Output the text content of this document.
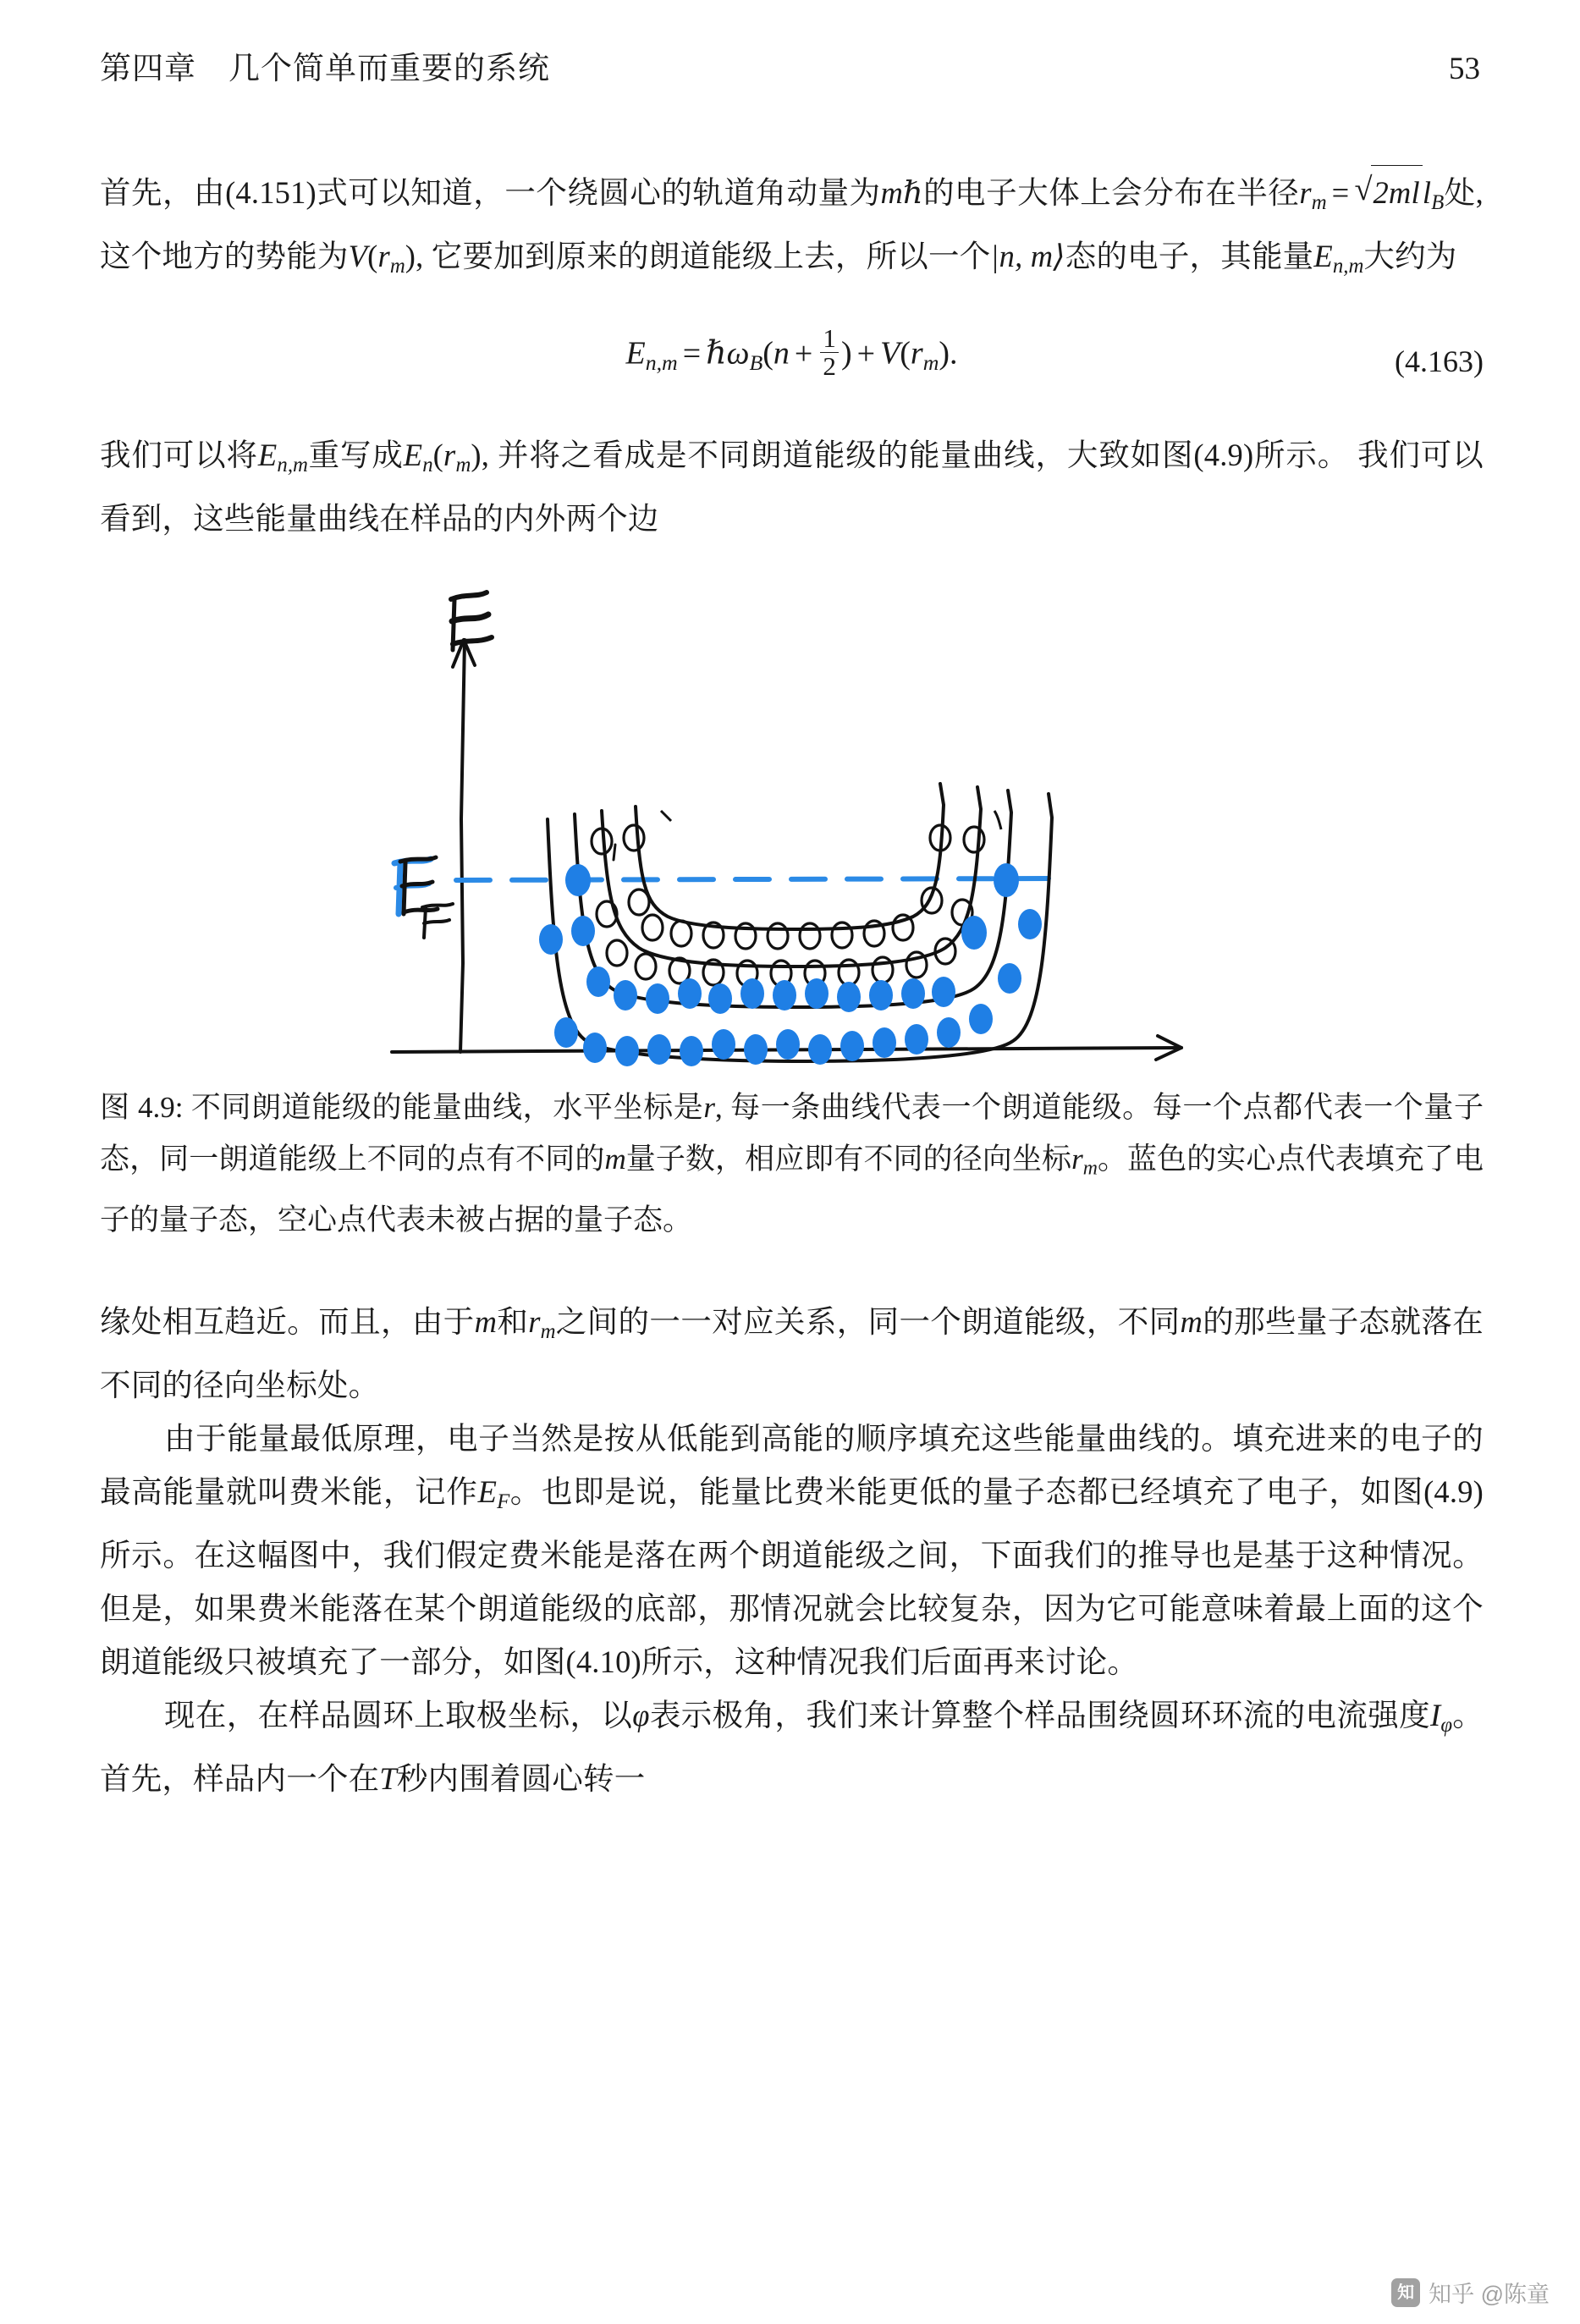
第四章　几个简单而重要的系统	53

首先，由(4.151)式可以知道，一个绕圆心的轨道角动量为mℏ的电子大体上会分布在半径$r_m$ = √ 2mll$_B$处, 这个地方的势能为$V(r_m)$, 它要加到原来的朗道能级上去，所以一个|n, m⟩态的电子，其能量$E_{n,m}$大约为

$E_{n,m}$ = ℏω$_B$(n + $\frac{1}{2}$ ) + $V(r_m)$.	(4.163)

我们可以将$E_{n,m}$重写成$E_n(r_m)$, 并将之看成是不同朗道能级的能量曲线，大致如图(4.9)所示。 我们可以看到，这些能量曲线在样品的内外两个边

图 4.9: 不同朗道能级的能量曲线，水平坐标是r, 每一条曲线代表一个朗道能级。每一个点都代表一个量子态，同一朗道能级上不同的点有不同的m量子数，相应即有不同的径向坐标$r_m$。蓝色的实心点代表填充了电子的量子态，空心点代表未被占据的量子态。

缘处相互趋近。而且，由于m和$r_m$之间的一一对应关系，同一个朗道能级，不同m的那些量子态就落在不同的径向坐标处。

由于能量最低原理，电子当然是按从低能到高能的顺序填充这些能量曲线的。填充进来的电子的最高能量就叫费米能，记作$E_F$。也即是说，能量比费米能更低的量子态都已经填充了电子，如图(4.9)所示。在这幅图中，我们假定费米能是落在两个朗道能级之间，下面我们的推导也是基于这种情况。但是，如果费米能落在某个朗道能级的底部，那情况就会比较复杂，因为它可能意味着最上面的这个朗道能级只被填充了一部分，如图(4.10)所示，这种情况我们后面再来讨论。

现在，在样品圆环上取极坐标，以φ表示极角，我们来计算整个样品围绕圆环环流的电流强度$I_\varphi$。首先，样品内一个在T秒内围着圆心转一

知 知乎 @陈童
